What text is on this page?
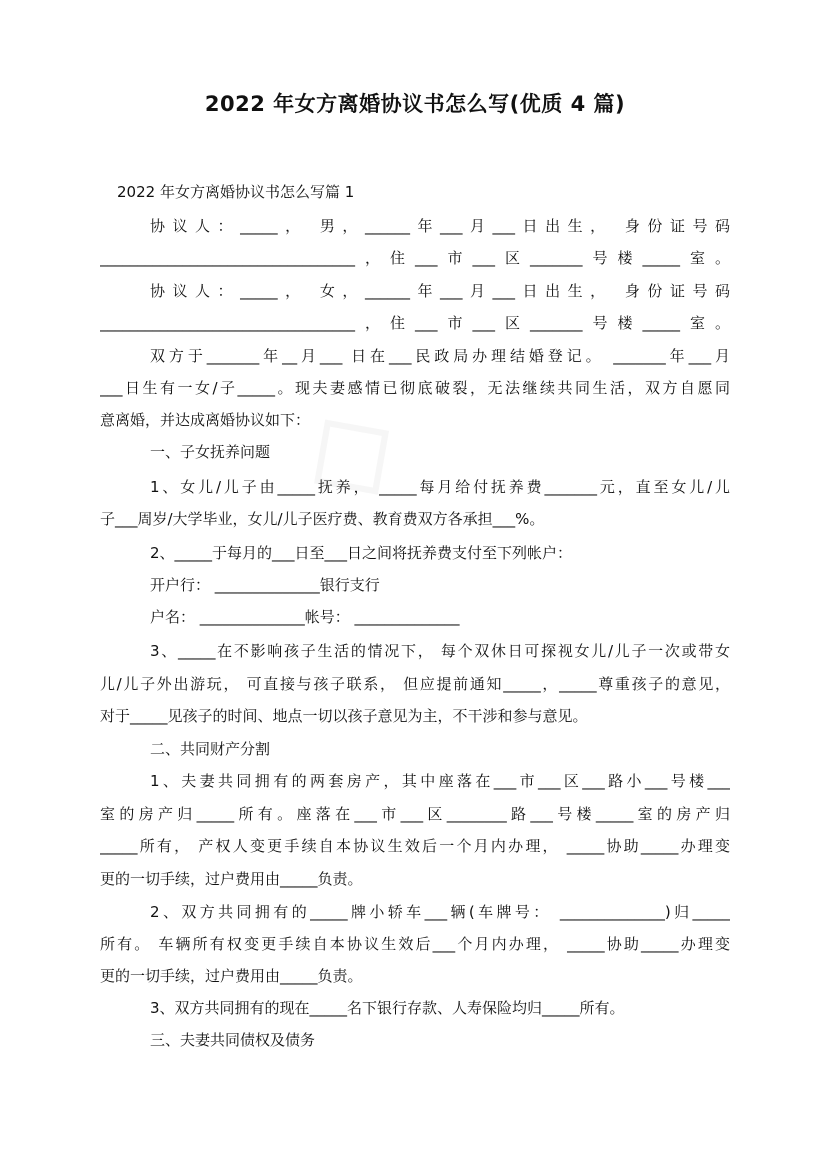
2022 年女方离婚协议书怎么写(优质 4 篇)
2022 年女方离婚协议书怎么写篇 1
协议人：_____， 男，______年___月___日出生， 身份证号码
__________________________________，住___市___区_______号楼_____室。
协议人：_____， 女，______年___月___日出生， 身份证号码
__________________________________，住___市___区_______号楼_____室。
双方于_______年__月___ 日在___民政局办理结婚登记。 _______年___月
___日生有一女/子_____。现夫妻感情已彻底破裂，无法继续共同生活，双方自愿同
意离婚，并达成离婚协议如下：
一、子女抚养问题
1、女儿/儿子由_____抚养， _____每月给付抚养费_______元，直至女儿/儿
子___周岁/大学毕业，女儿/儿子医疗费、教育费双方各承担___%。
2、_____于每月的___日至___日之间将抚养费支付至下列帐户：
开户行： ______________银行支行
户名： ______________帐号： ______________
3、_____在不影响孩子生活的情况下， 每个双休日可探视女儿/儿子一次或带女
儿/儿子外出游玩， 可直接与孩子联系， 但应提前通知_____，_____尊重孩子的意见，
对于_____见孩子的时间、地点一切以孩子意见为主，不干涉和参与意见。
二、共同财产分割
1、夫妻共同拥有的两套房产，其中座落在___市___区___路小___号楼___
室的房产归_____所有。座落在___市___区________路___号楼_____室的房产归
_____所有， 产权人变更手续自本协议生效后一个月内办理， _____协助_____办理变
更的一切手续，过户费用由_____负责。
2、双方共同拥有的_____牌小轿车___辆(车牌号： ______________)归_____
所有。 车辆所有权变更手续自本协议生效后___个月内办理， _____协助_____办理变
更的一切手续，过户费用由_____负责。
3、双方共同拥有的现在_____名下银行存款、人寿保险均归_____所有。
三、夫妻共同债权及债务
